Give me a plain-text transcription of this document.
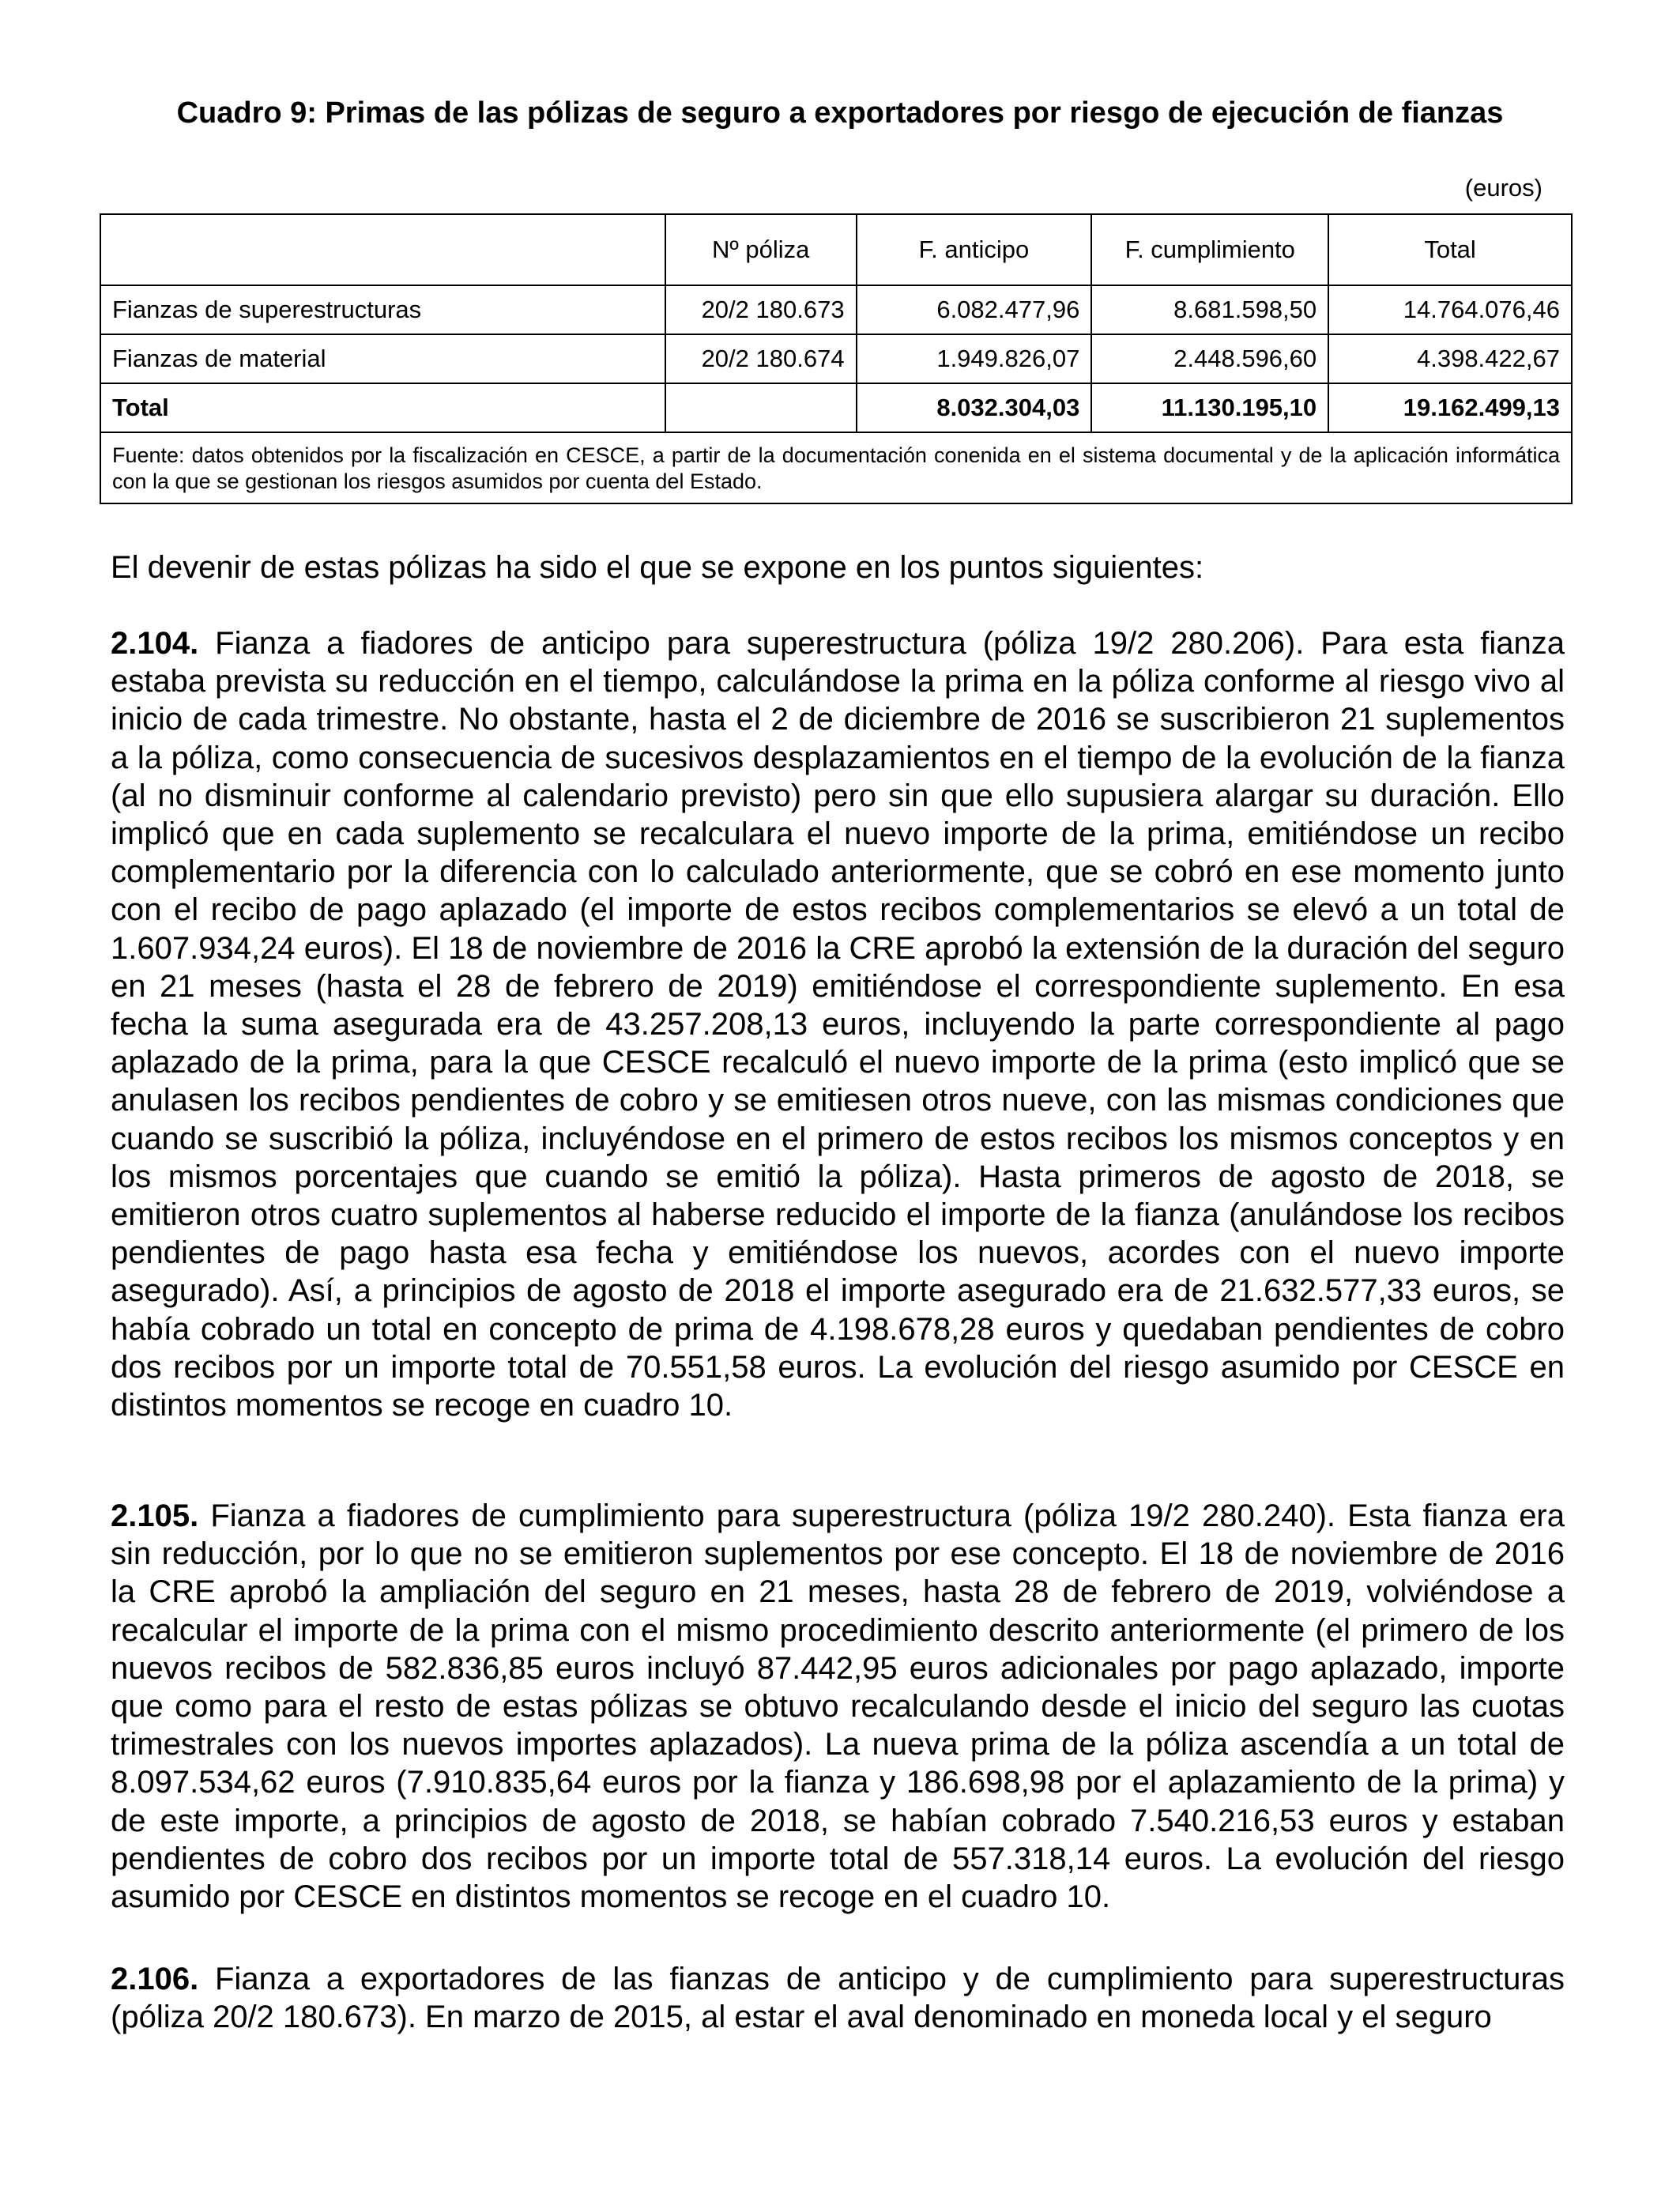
Cuadro 9: Primas de las pólizas de seguro a exportadores por riesgo de ejecución de fianzas
(euros)
	Nº póliza	F. anticipo	F. cumplimiento	Total
Fianzas de superestructuras	20/2 180.673	6.082.477,96	8.681.598,50	14.764.076,46
Fianzas de material	20/2 180.674	1.949.826,07	2.448.596,60	4.398.422,67
Total		8.032.304,03	11.130.195,10	19.162.499,13
Fuente: datos obtenidos por la fiscalización en CESCE, a partir de la documentación conenida en el sistema documental y de la aplicación informática con la que se gestionan los riesgos asumidos por cuenta del Estado.				

El devenir de estas pólizas ha sido el que se expone en los puntos siguientes:

2.104. Fianza a fiadores de anticipo para superestructura (póliza 19/2 280.206). Para esta fianza estaba prevista su reducción en el tiempo, calculándose la prima en la póliza conforme al riesgo vivo al inicio de cada trimestre. No obstante, hasta el 2 de diciembre de 2016 se suscribieron 21 suplementos a la póliza, como consecuencia de sucesivos desplazamientos en el tiempo de la evolución de la fianza (al no disminuir conforme al calendario previsto) pero sin que ello supusiera alargar su duración. Ello implicó que en cada suplemento se recalculara el nuevo importe de la prima, emitiéndose un recibo complementario por la diferencia con lo calculado anteriormente, que se cobró en ese momento junto con el recibo de pago aplazado (el importe de estos recibos complementarios se elevó a un total de 1.607.934,24 euros). El 18 de noviembre de 2016 la CRE aprobó la extensión de la duración del seguro en 21 meses (hasta el 28 de febrero de 2019) emitiéndose el correspondiente suplemento. En esa fecha la suma asegurada era de 43.257.208,13 euros, incluyendo la parte correspondiente al pago aplazado de la prima, para la que CESCE recalculó el nuevo importe de la prima (esto implicó que se anulasen los recibos pendientes de cobro y se emitiesen otros nueve, con las mismas condiciones que cuando se suscribió la póliza, incluyéndose en el primero de estos recibos los mismos conceptos y en los mismos porcentajes que cuando se emitió la póliza). Hasta primeros de agosto de 2018, se emitieron otros cuatro suplementos al haberse reducido el importe de la fianza (anulándose los recibos pendientes de pago hasta esa fecha y emitiéndose los nuevos, acordes con el nuevo importe asegurado). Así, a principios de agosto de 2018 el importe asegurado era de 21.632.577,33 euros, se había cobrado un total en concepto de prima de 4.198.678,28 euros y quedaban pendientes de cobro dos recibos por un importe total de 70.551,58 euros. La evolución del riesgo asumido por CESCE en distintos momentos se recoge en cuadro 10.

2.105. Fianza a fiadores de cumplimiento para superestructura (póliza 19/2 280.240). Esta fianza era sin reducción, por lo que no se emitieron suplementos por ese concepto. El 18 de noviembre de 2016 la CRE aprobó la ampliación del seguro en 21 meses, hasta 28 de febrero de 2019, volviéndose a recalcular el importe de la prima con el mismo procedimiento descrito anteriormente (el primero de los nuevos recibos de 582.836,85 euros incluyó 87.442,95 euros adicionales por pago aplazado, importe que como para el resto de estas pólizas se obtuvo recalculando desde el inicio del seguro las cuotas trimestrales con los nuevos importes aplazados). La nueva prima de la póliza ascendía a un total de 8.097.534,62 euros (7.910.835,64 euros por la fianza y 186.698,98 por el aplazamiento de la prima) y de este importe, a principios de agosto de 2018, se habían cobrado 7.540.216,53 euros y estaban pendientes de cobro dos recibos por un importe total de 557.318,14 euros. La evolución del riesgo asumido por CESCE en distintos momentos se recoge en el cuadro 10.

2.106. Fianza a exportadores de las fianzas de anticipo y de cumplimiento para superestructuras (póliza 20/2 180.673). En marzo de 2015, al estar el aval denominado en moneda local y el seguro
